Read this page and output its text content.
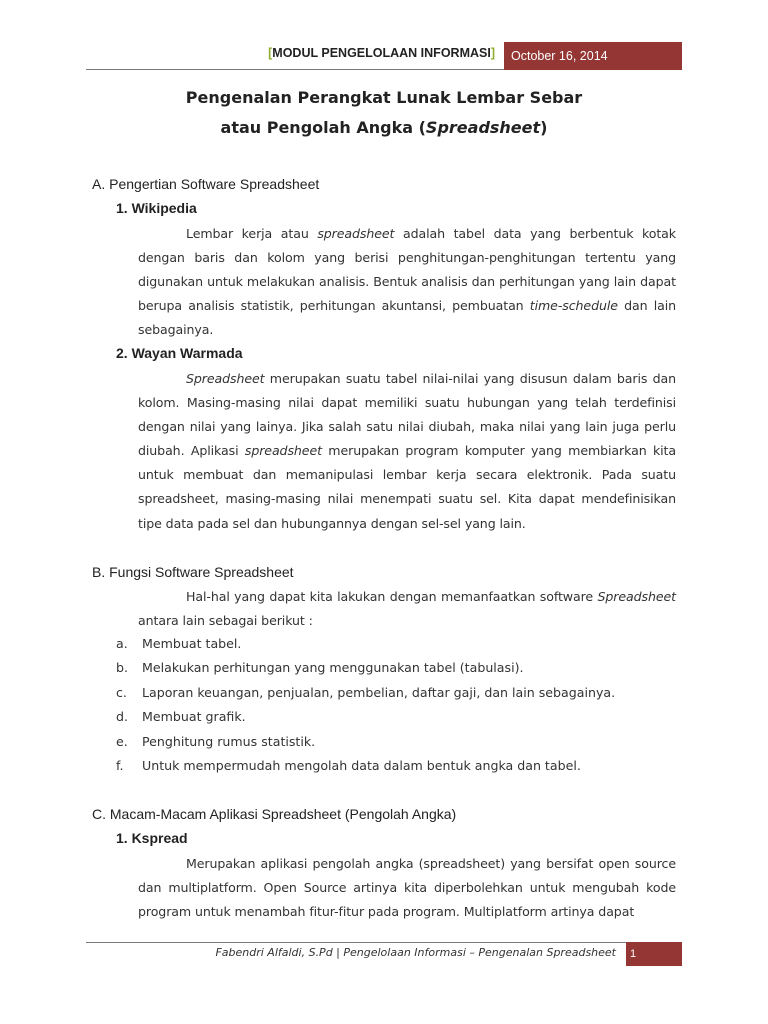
[MODUL PENGELOLAAN INFORMASI]	October 16, 2014
Pengenalan Perangkat Lunak Lembar Sebar
atau Pengolah Angka (Spreadsheet)
A. Pengertian Software Spreadsheet
1. Wikipedia
Lembar kerja atau spreadsheet adalah tabel data yang berbentuk kotak dengan baris dan kolom yang berisi penghitungan-penghitungan tertentu yang digunakan untuk melakukan analisis. Bentuk analisis dan perhitungan yang lain dapat berupa analisis statistik, perhitungan akuntansi, pembuatan time-schedule dan lain sebagainya.
2. Wayan Warmada
Spreadsheet merupakan suatu tabel nilai-nilai yang disusun dalam baris dan kolom. Masing-masing nilai dapat memiliki suatu hubungan yang telah terdefinisi dengan nilai yang lainya. Jika salah satu nilai diubah, maka nilai yang lain juga perlu diubah. Aplikasi spreadsheet merupakan program komputer yang membiarkan kita untuk membuat dan memanipulasi lembar kerja secara elektronik. Pada suatu spreadsheet, masing-masing nilai menempati suatu sel. Kita dapat mendefinisikan tipe data pada sel dan hubungannya dengan sel-sel yang lain.
B. Fungsi Software Spreadsheet
Hal-hal yang dapat kita lakukan dengan memanfaatkan software Spreadsheet antara lain sebagai berikut :
a. Membuat tabel.
b. Melakukan perhitungan yang menggunakan tabel (tabulasi).
c. Laporan keuangan, penjualan, pembelian, daftar gaji, dan lain sebagainya.
d. Membuat grafik.
e. Penghitung rumus statistik.
f. Untuk mempermudah mengolah data dalam bentuk angka dan tabel.
C. Macam-Macam Aplikasi Spreadsheet (Pengolah Angka)
1. Kspread
Merupakan aplikasi pengolah angka (spreadsheet) yang bersifat open source dan multiplatform. Open Source artinya kita diperbolehkan untuk mengubah kode program untuk menambah fitur-fitur pada program. Multiplatform artinya dapat
Fabendri Alfaldi, S.Pd | Pengelolaan Informasi – Pengenalan Spreadsheet	1
